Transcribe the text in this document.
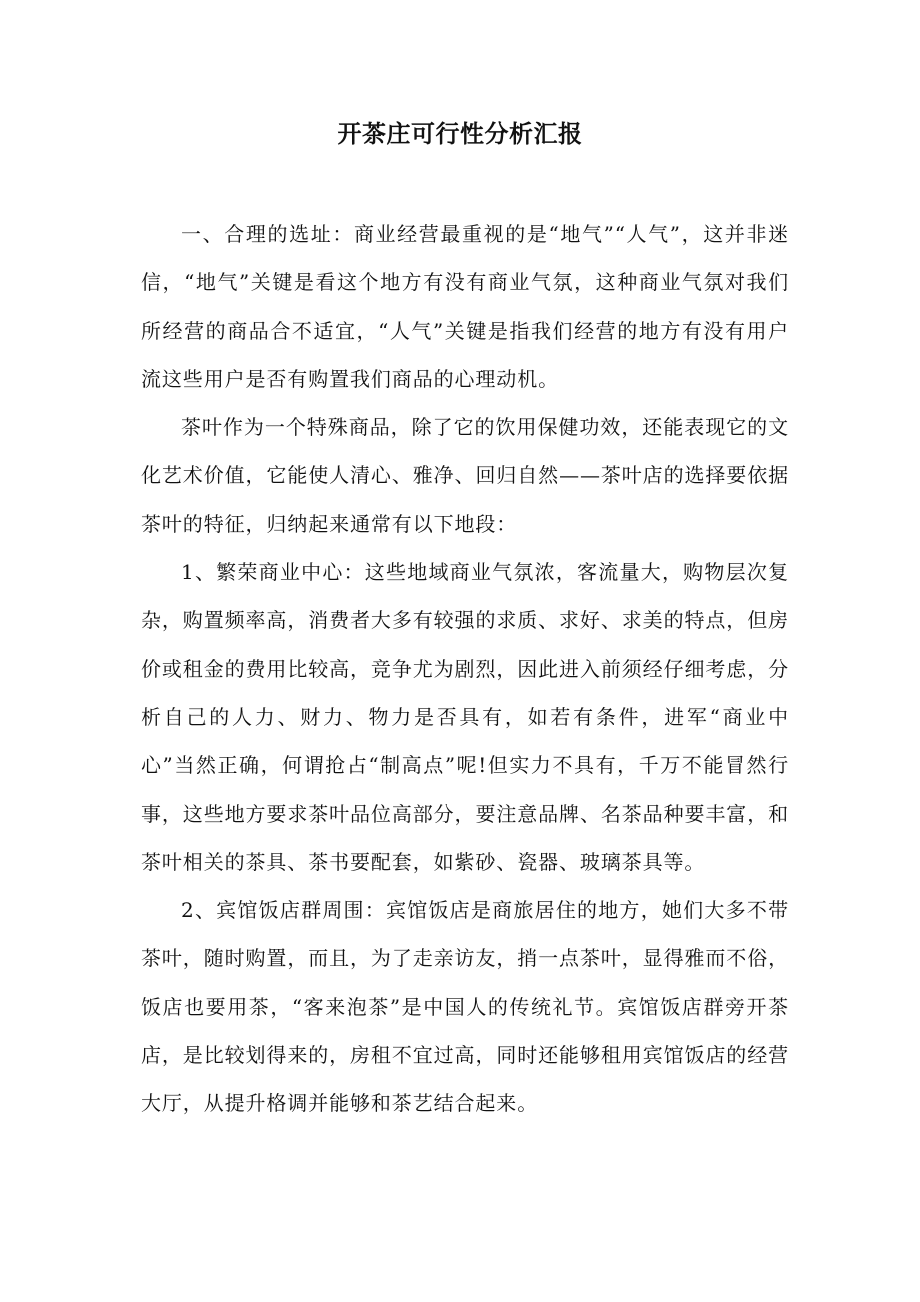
开茶庄可行性分析汇报

一、合理的选址：商业经营最重视的是“地气”“人气”，这并非迷信，“地气”关键是看这个地方有没有商业气氛，这种商业气氛对我们所经营的商品合不适宜，“人气”关键是指我们经营的地方有没有用户流这些用户是否有购置我们商品的心理动机。

茶叶作为一个特殊商品，除了它的饮用保健功效，还能表现它的文化艺术价值，它能使人清心、雅净、回归自然——茶叶店的选择要依据茶叶的特征，归纳起来通常有以下地段：

1、繁荣商业中心：这些地域商业气氛浓，客流量大，购物层次复杂，购置频率高，消费者大多有较强的求质、求好、求美的特点，但房价或租金的费用比较高，竞争尤为剧烈，因此进入前须经仔细考虑，分析自己的人力、财力、物力是否具有，如若有条件，进军“商业中心”当然正确，何谓抢占“制高点”呢!但实力不具有，千万不能冒然行事，这些地方要求茶叶品位高部分，要注意品牌、名茶品种要丰富，和茶叶相关的茶具、茶书要配套，如紫砂、瓷器、玻璃茶具等。

2、宾馆饭店群周围：宾馆饭店是商旅居住的地方，她们大多不带茶叶，随时购置，而且，为了走亲访友，捎一点茶叶，显得雅而不俗，饭店也要用茶，“客来泡茶”是中国人的传统礼节。宾馆饭店群旁开茶店，是比较划得来的，房租不宜过高，同时还能够租用宾馆饭店的经营大厅，从提升格调并能够和茶艺结合起来。
